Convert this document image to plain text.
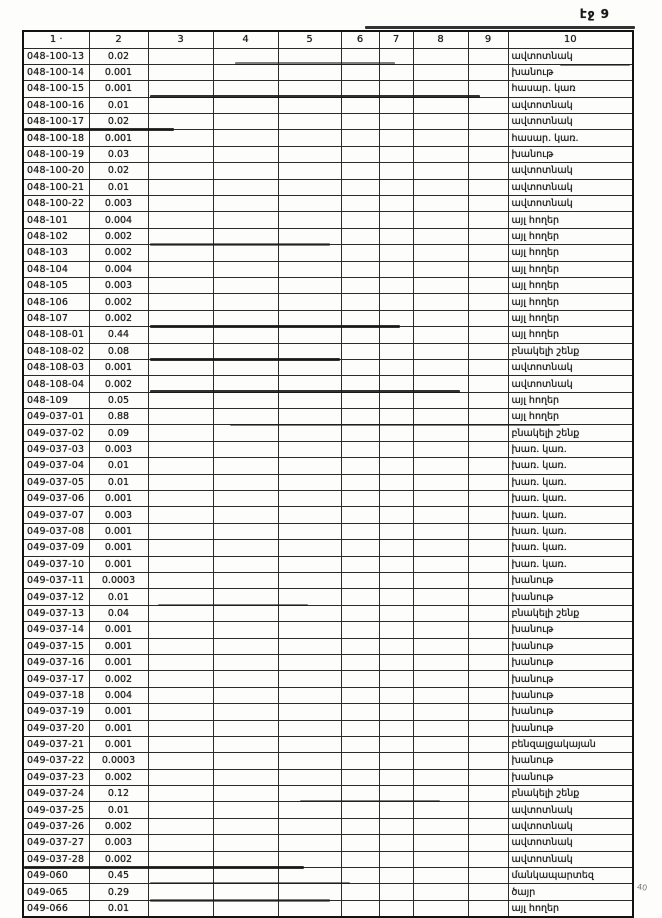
էջ 9
1 ·	2	3	4	5	6	7	8	9	10
048-100-13	0.02								ավտոտնակ
048-100-14	0.001								խանութ
048-100-15	0.001								հասար. կառ
048-100-16	0.01								ավտոտնակ
048-100-17	0.02								ավտոտնակ
048-100-18	0.001								հասար. կառ.
048-100-19	0.03								խանութ
048-100-20	0.02								ավտոտնակ
048-100-21	0.01								ավտոտնակ
048-100-22	0.003								ավտոտնակ
048-101	0.004								այլ հողեր
048-102	0.002								այլ հողեր
048-103	0.002								այլ հողեր
048-104	0.004								այլ հողեր
048-105	0.003								այլ հողեր
048-106	0.002								այլ հողեր
048-107	0.002								այլ հողեր
048-108-01	0.44								այլ հողեր
048-108-02	0.08								բնակելի շենք
048-108-03	0.001								ավտոտնակ
048-108-04	0.002								ավտոտնակ
048-109	0.05								այլ հողեր
049-037-01	0.88								այլ հողեր
049-037-02	0.09								բնակելի շենք
049-037-03	0.003								խառ. կառ.
049-037-04	0.01								խառ. կառ.
049-037-05	0.01								խառ. կառ.
049-037-06	0.001								խառ. կառ.
049-037-07	0.003								խառ. կառ.
049-037-08	0.001								խառ. կառ.
049-037-09	0.001								խառ. կառ.
049-037-10	0.001								խառ. կառ.
049-037-11	0.0003								խանութ
049-037-12	0.01								խանութ
049-037-13	0.04								բնակելի շենք
049-037-14	0.001								խանութ
049-037-15	0.001								խանութ
049-037-16	0.001								խանութ
049-037-17	0.002								խանութ
049-037-18	0.004								խանութ
049-037-19	0.001								խանութ
049-037-20	0.001								խանութ
049-037-21	0.001								բենզալցակայան
049-037-22	0.0003								խանութ
049-037-23	0.002								խանութ
049-037-24	0.12								բնակելի շենք
049-037-25	0.01								ավտոտնակ
049-037-26	0.002								ավտոտնակ
049-037-27	0.003								ավտոտնակ
049-037-28	0.002								ավտոտնակ
049-060	0.45								մանկապարտեզ
049-065	0.29								ծայր
049-066	0.01								այլ հողեր
40
